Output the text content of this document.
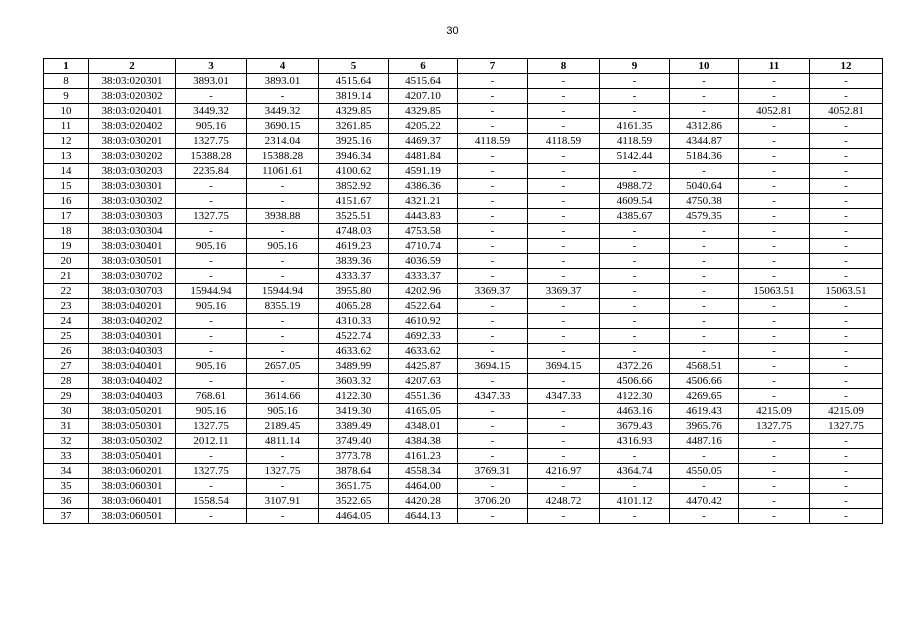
30
1	2	3	4	5	6	7	8	9	10	11	12
8	38:03:020301	3893.01	3893.01	4515.64	4515.64	-	-	-	-	-	-
9	38:03:020302	-	-	3819.14	4207.10	-	-	-	-	-	-
10	38:03:020401	3449.32	3449.32	4329.85	4329.85	-	-	-	-	4052.81	4052.81
11	38:03:020402	905.16	3690.15	3261.85	4205.22	-	-	4161.35	4312.86	-	-
12	38:03:030201	1327.75	2314.04	3925.16	4469.37	4118.59	4118.59	4118.59	4344.87	-	-
13	38:03:030202	15388.28	15388.28	3946.34	4481.84	-	-	5142.44	5184.36	-	-
14	38:03:030203	2235.84	11061.61	4100.62	4591.19	-	-	-	-	-	-
15	38:03:030301	-	-	3852.92	4386.36	-	-	4988.72	5040.64	-	-
16	38:03:030302	-	-	4151.67	4321.21	-	-	4609.54	4750.38	-	-
17	38:03:030303	1327.75	3938.88	3525.51	4443.83	-	-	4385.67	4579.35	-	-
18	38:03:030304	-	-	4748.03	4753.58	-	-	-	-	-	-
19	38:03:030401	905.16	905.16	4619.23	4710.74	-	-	-	-	-	-
20	38:03:030501	-	-	3839.36	4036.59	-	-	-	-	-	-
21	38:03:030702	-	-	4333.37	4333.37	-	-	-	-	-	-
22	38:03:030703	15944.94	15944.94	3955.80	4202.96	3369.37	3369.37	-	-	15063.51	15063.51
23	38:03:040201	905.16	8355.19	4065.28	4522.64	-	-	-	-	-	-
24	38:03:040202	-	-	4310.33	4610.92	-	-	-	-	-	-
25	38:03:040301	-	-	4522.74	4692.33	-	-	-	-	-	-
26	38:03:040303	-	-	4633.62	4633.62	-	-	-	-	-	-
27	38:03:040401	905.16	2657.05	3489.99	4425.87	3694.15	3694.15	4372.26	4568.51	-	-
28	38:03:040402	-	-	3603.32	4207.63	-	-	4506.66	4506.66	-	-
29	38:03:040403	768.61	3614.66	4122.30	4551.36	4347.33	4347.33	4122.30	4269.65	-	-
30	38:03:050201	905.16	905.16	3419.30	4165.05	-	-	4463.16	4619.43	4215.09	4215.09
31	38:03:050301	1327.75	2189.45	3389.49	4348.01	-	-	3679.43	3965.76	1327.75	1327.75
32	38:03:050302	2012.11	4811.14	3749.40	4384.38	-	-	4316.93	4487.16	-	-
33	38:03:050401	-	-	3773.78	4161.23	-	-	-	-	-	-
34	38:03:060201	1327.75	1327.75	3878.64	4558.34	3769.31	4216.97	4364.74	4550.05	-	-
35	38:03:060301	-	-	3651.75	4464.00	-	-	-	-	-	-
36	38:03:060401	1558.54	3107.91	3522.65	4420.28	3706.20	4248.72	4101.12	4470.42	-	-
37	38:03:060501	-	-	4464.05	4644.13	-	-	-	-	-	-
